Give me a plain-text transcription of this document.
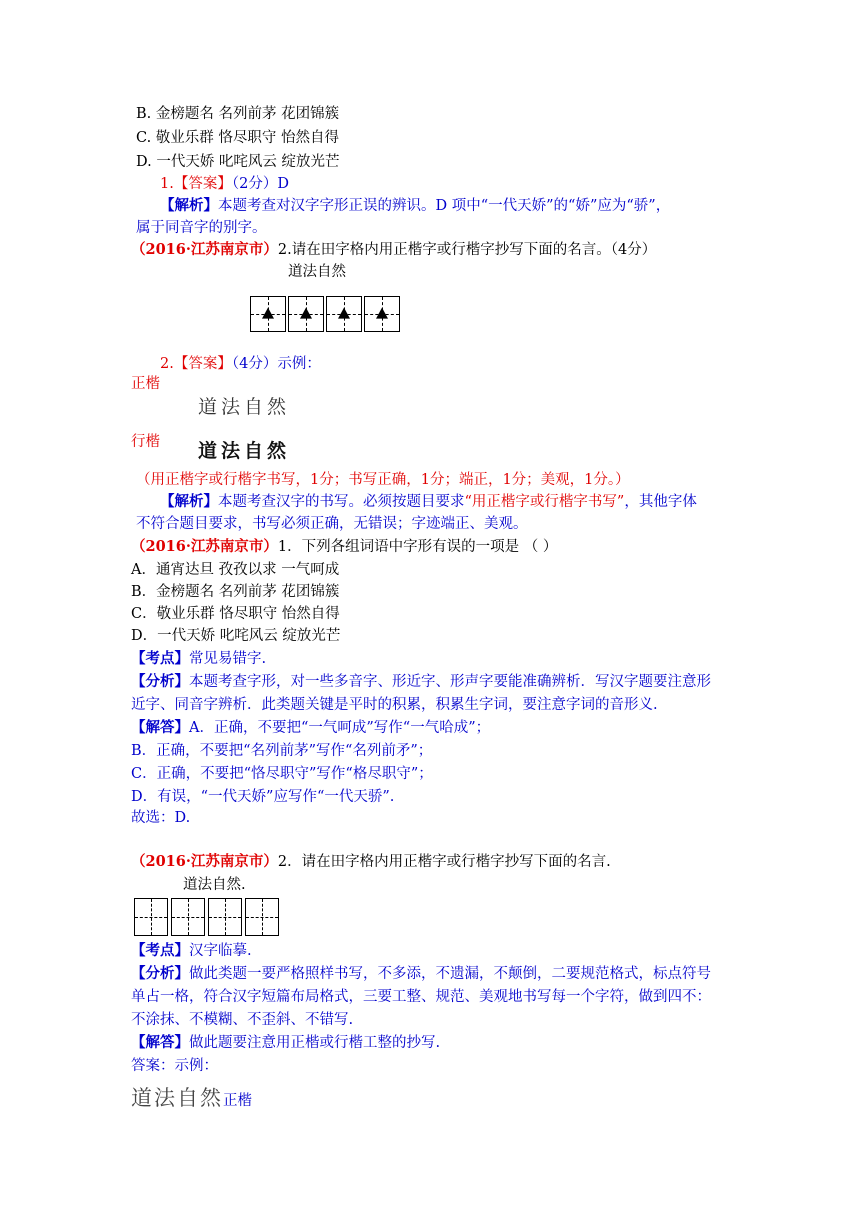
B. 金榜题名 名列前茅 花团锦簇
C. 敬业乐群 恪尽职守 怡然自得
D. 一代天娇 叱咤风云 绽放光芒
1.【答案】（2分）D
【解析】本题考查对汉字字形正误的辨识。D 项中“一代天娇”的“娇”应为“骄”，
属于同音字的别字。
（2016·江苏南京市）2.请在田字格内用正楷字或行楷字抄写下面的名言。（4分）
道法自然
2.【答案】（4分）示例：
正楷
道法自然
行楷 道法自然
（用正楷字或行楷字书写，1分；书写正确，1分；端正，1分；美观，1分。）
【解析】本题考查汉字的书写。必须按题目要求“用正楷字或行楷字书写”，其他字体
不符合题目要求，书写必须正确，无错误；字迹端正、美观。
（2016·江苏南京市）1．下列各组词语中字形有误的一项是 （ ）
A．通宵达旦 孜孜以求 一气呵成
B．金榜题名 名列前茅 花团锦簇
C．敬业乐群 恪尽职守 怡然自得
D．一代天娇 叱咤风云 绽放光芒
【考点】常见易错字.
【分析】本题考查字形，对一些多音字、形近字、形声字要能准确辨析．写汉字题要注意形
近字、同音字辨析．此类题关键是平时的积累，积累生字词，要注意字词的音形义.
【解答】A．正确，不要把“一气呵成”写作“一气哈成”；
B．正确，不要把“名列前茅”写作“名列前矛”；
C．正确，不要把“恪尽职守”写作“格尽职守”；
D．有误，“一代天娇”应写作“一代天骄”.
故选：D.
（2016·江苏南京市）2．请在田字格内用正楷字或行楷字抄写下面的名言.
道法自然.
【考点】汉字临摹.
【分析】做此类题一要严格照样书写，不多添，不遗漏，不颠倒，二要规范格式，标点符号
单占一格，符合汉字短篇布局格式，三要工整、规范、美观地书写每一个字符，做到四不：
不涂抹、不模糊、不歪斜、不错写.
【解答】做此题要注意用正楷或行楷工整的抄写.
答案：示例：
道法自然正楷
